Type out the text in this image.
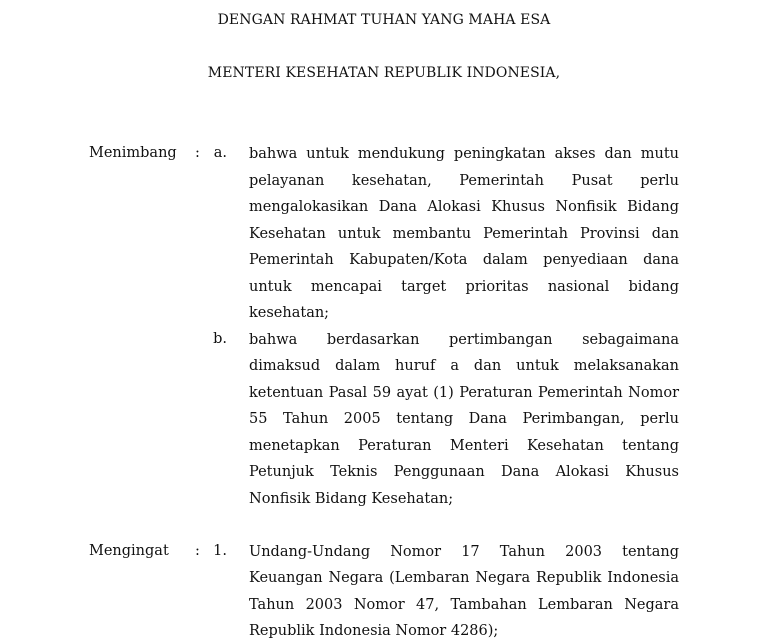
DENGAN RAHMAT TUHAN YANG MAHA ESA
MENTERI KESEHATAN REPUBLIK INDONESIA,
Menimbang : a. bahwa untuk mendukung peningkatan akses dan mutu
pelayanan kesehatan, Pemerintah Pusat perlu
mengalokasikan Dana Alokasi Khusus Nonfisik Bidang
Kesehatan untuk membantu Pemerintah Provinsi dan
Pemerintah Kabupaten/Kota dalam penyediaan dana
untuk mencapai target prioritas nasional bidang
kesehatan;
b. bahwa berdasarkan pertimbangan sebagaimana
dimaksud dalam huruf a dan untuk melaksanakan
ketentuan Pasal 59 ayat (1) Peraturan Pemerintah Nomor
55 Tahun 2005 tentang Dana Perimbangan, perlu
menetapkan Peraturan Menteri Kesehatan tentang
Petunjuk Teknis Penggunaan Dana Alokasi Khusus
Nonfisik Bidang Kesehatan;
Mengingat : 1. Undang-Undang Nomor 17 Tahun 2003 tentang
Keuangan Negara (Lembaran Negara Republik Indonesia
Tahun 2003 Nomor 47, Tambahan Lembaran Negara
Republik Indonesia Nomor 4286);
